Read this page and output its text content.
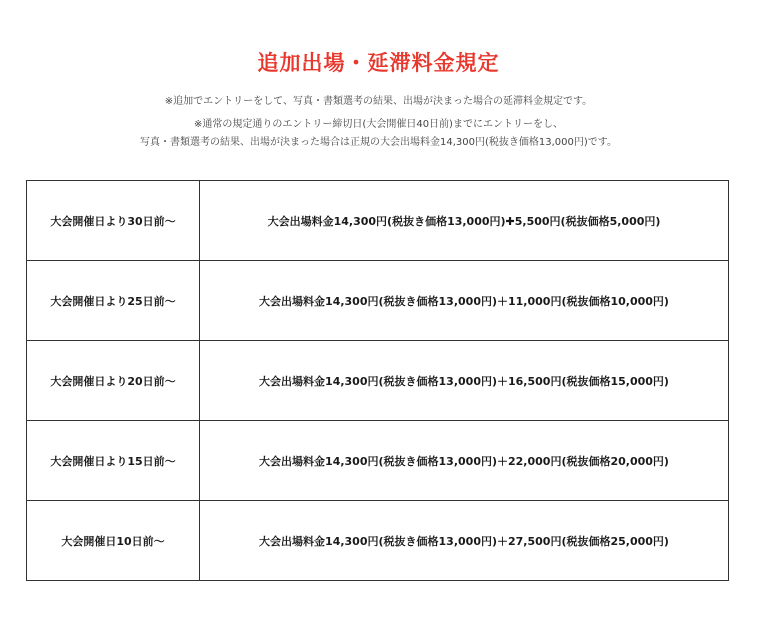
追加出場・延滞料金規定

※追加でエントリーをして、写真・書類選考の結果、出場が決まった場合の延滞料金規定です。

※通常の規定通りのエントリー締切日(大会開催日40日前)までにエントリーをし、

写真・書類選考の結果、出場が決まった場合は正規の大会出場料金14,300円(税抜き価格13,000円)です。

大会開催日より30日前〜	大会出場料金14,300円(税抜き価格13,000円)✚5,500円(税抜価格5,000円)
大会開催日より25日前〜	大会出場料金14,300円(税抜き価格13,000円)＋11,000円(税抜価格10,000円)
大会開催日より20日前〜	大会出場料金14,300円(税抜き価格13,000円)＋16,500円(税抜価格15,000円)
大会開催日より15日前〜	大会出場料金14,300円(税抜き価格13,000円)＋22,000円(税抜価格20,000円)
大会開催日10日前〜	大会出場料金14,300円(税抜き価格13,000円)＋27,500円(税抜価格25,000円)
